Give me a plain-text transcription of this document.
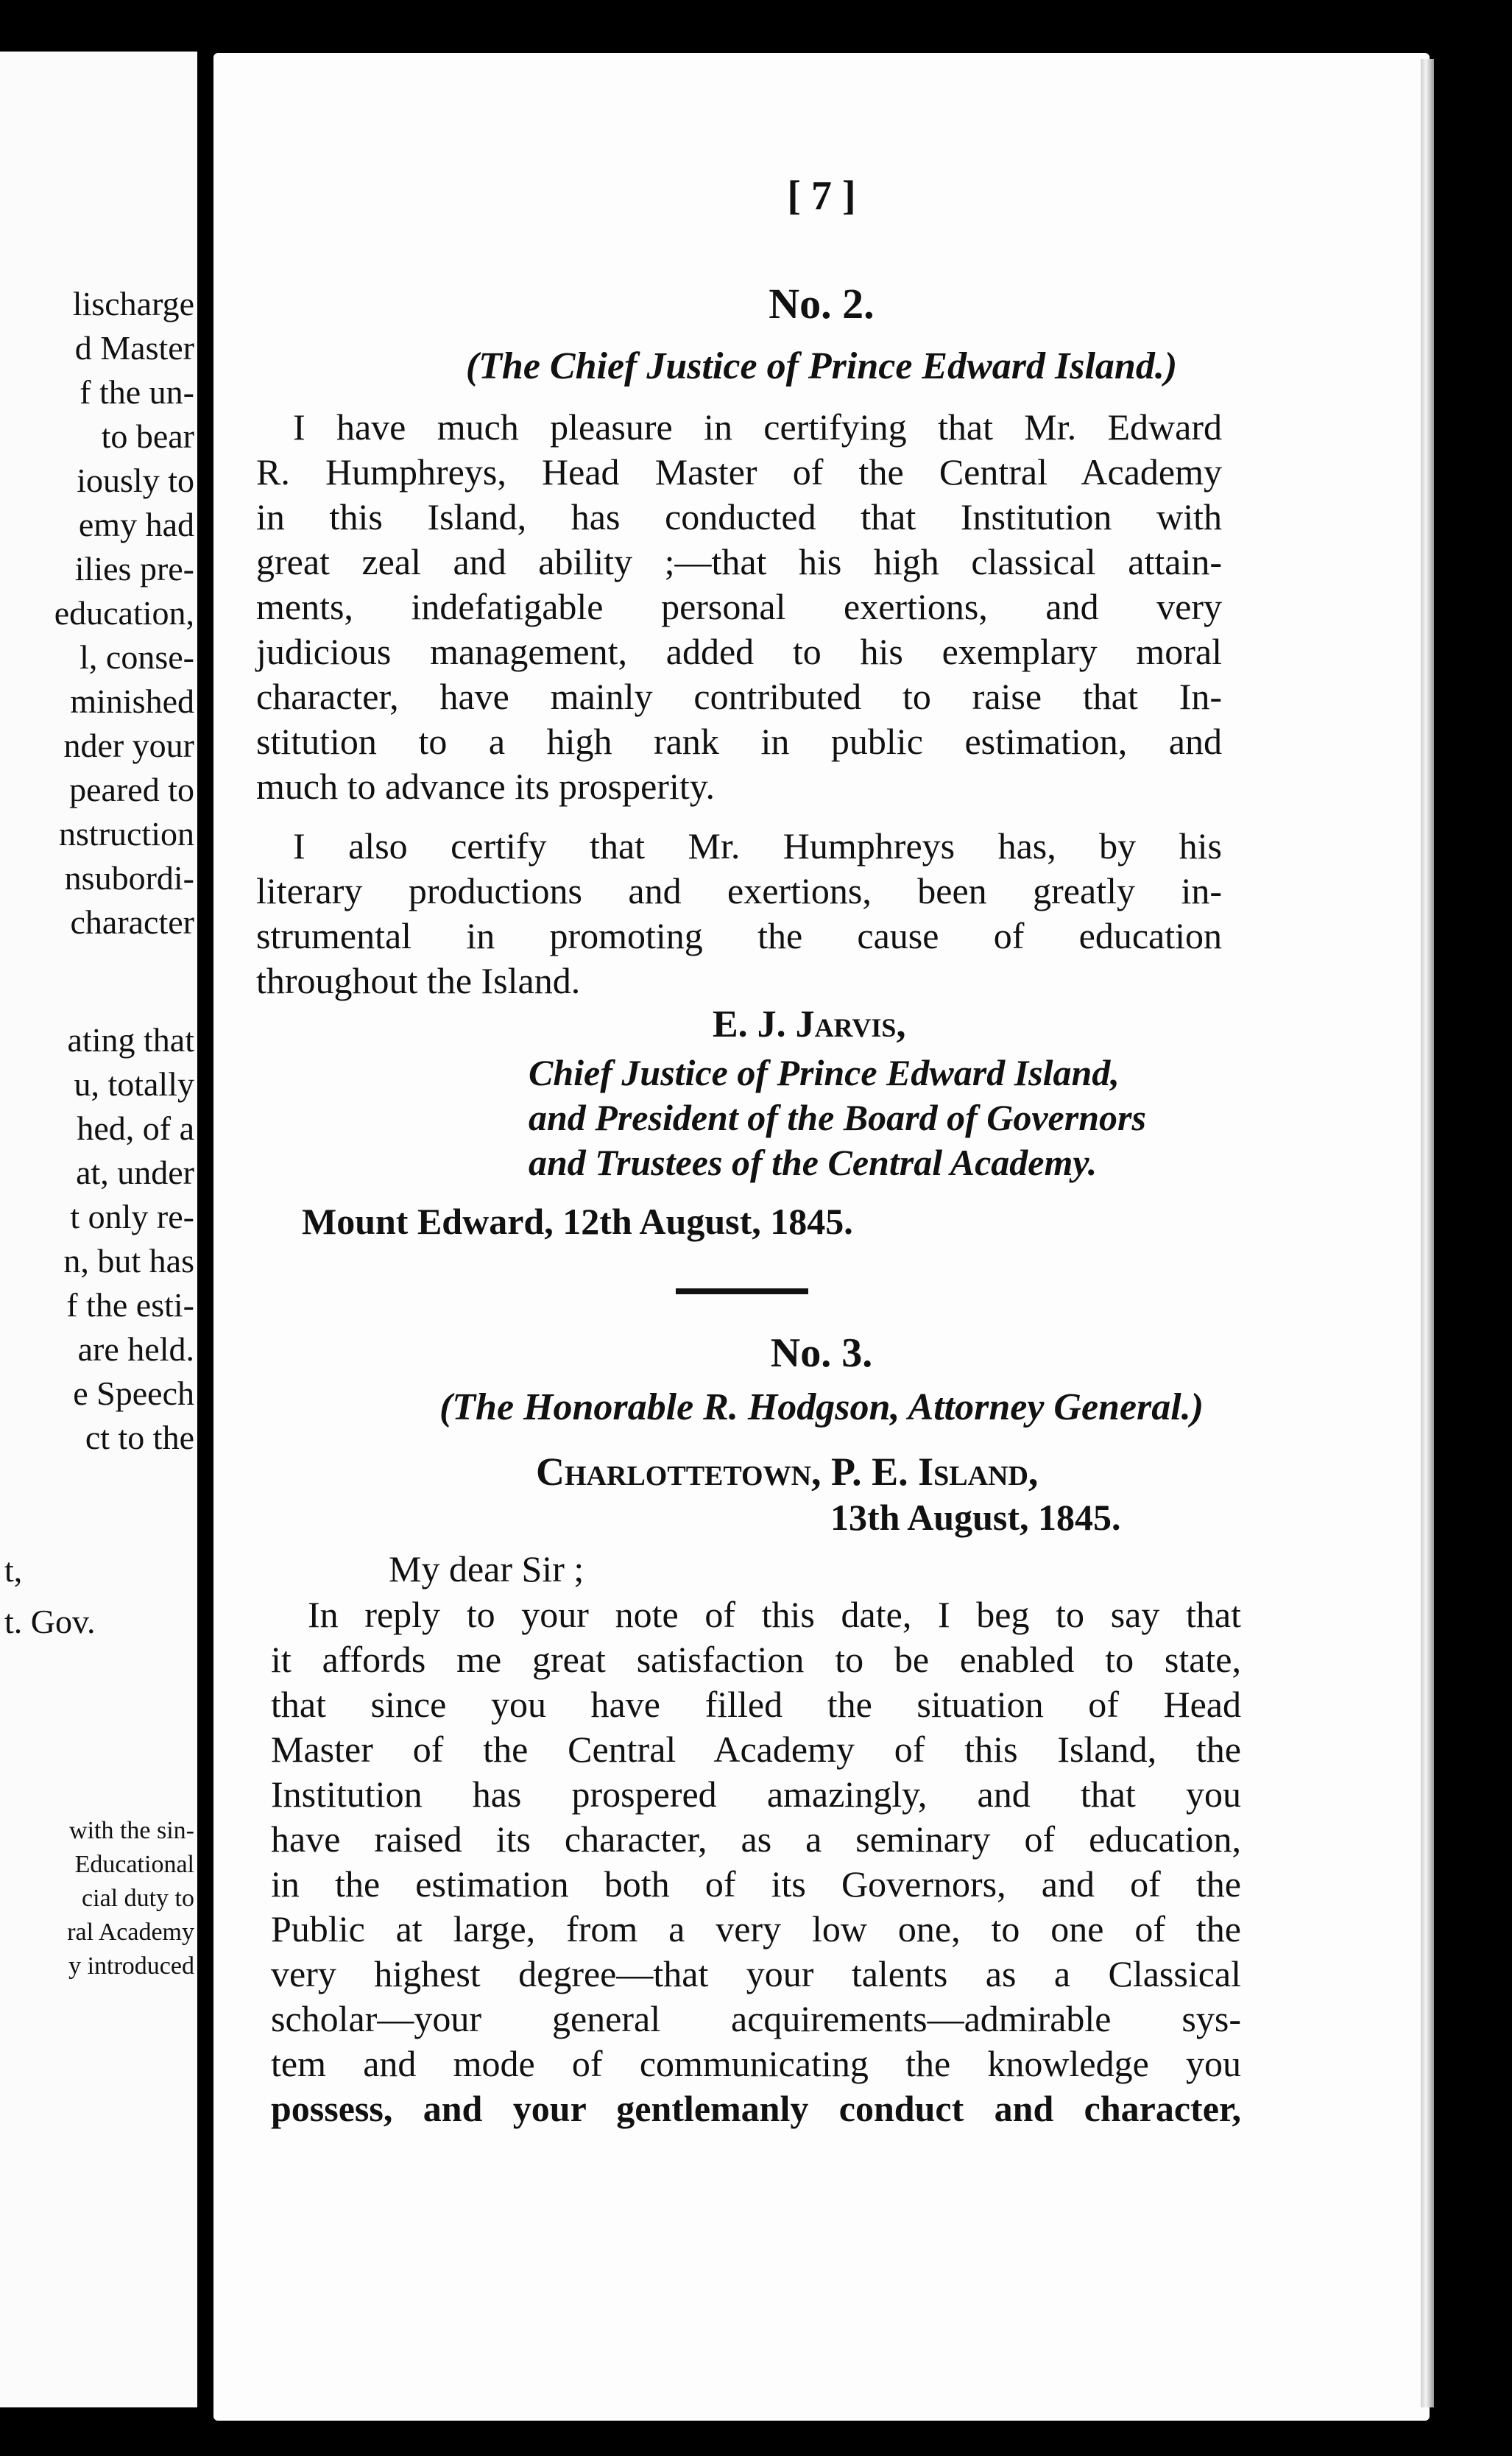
lischarge
d Master
f the un-
to bear
iously to
emy had
ilies pre-
education,
l, conse-
minished
nder your
peared to
nstruction
nsubordi-
character
ating that
u, totally
hed, of a
at, under
t only re-
n, but has
f the esti-
are held.
e Speech
ct to the
t,
t. Gov.
with the sin-
Educational
cial duty to
ral Academy
y introduced
[ 7 ]
No. 2.
(The Chief Justice of Prince Edward Island.)
I have much pleasure in certifying that Mr. Edward
R. Humphreys, Head Master of the Central Academy
in this Island, has conducted that Institution with
great zeal and ability ;—that his high classical attain-
ments, indefatigable personal exertions, and very
judicious management, added to his exemplary moral
character, have mainly contributed to raise that In-
stitution to a high rank in public estimation, and
much to advance its prosperity.
I also certify that Mr. Humphreys has, by his
literary productions and exertions, been greatly in-
strumental in promoting the cause of education
throughout the Island.
E. J. Jarvis,
Chief Justice of Prince Edward Island,
and President of the Board of Governors
and Trustees of the Central Academy.
Mount Edward, 12th August, 1845.
No. 3.
(The Honorable R. Hodgson, Attorney General.)
Charlottetown, P. E. Island,
13th August, 1845.
My dear Sir ;
In reply to your note of this date, I beg to say that
it affords me great satisfaction to be enabled to state,
that since you have filled the situation of Head
Master of the Central Academy of this Island, the
Institution has prospered amazingly, and that you
have raised its character, as a seminary of education,
in the estimation both of its Governors, and of the
Public at large, from a very low one, to one of the
very highest degree—that your talents as a Classical
scholar—your general acquirements—admirable sys-
tem and mode of communicating the knowledge you
possess, and your gentlemanly conduct and character,
